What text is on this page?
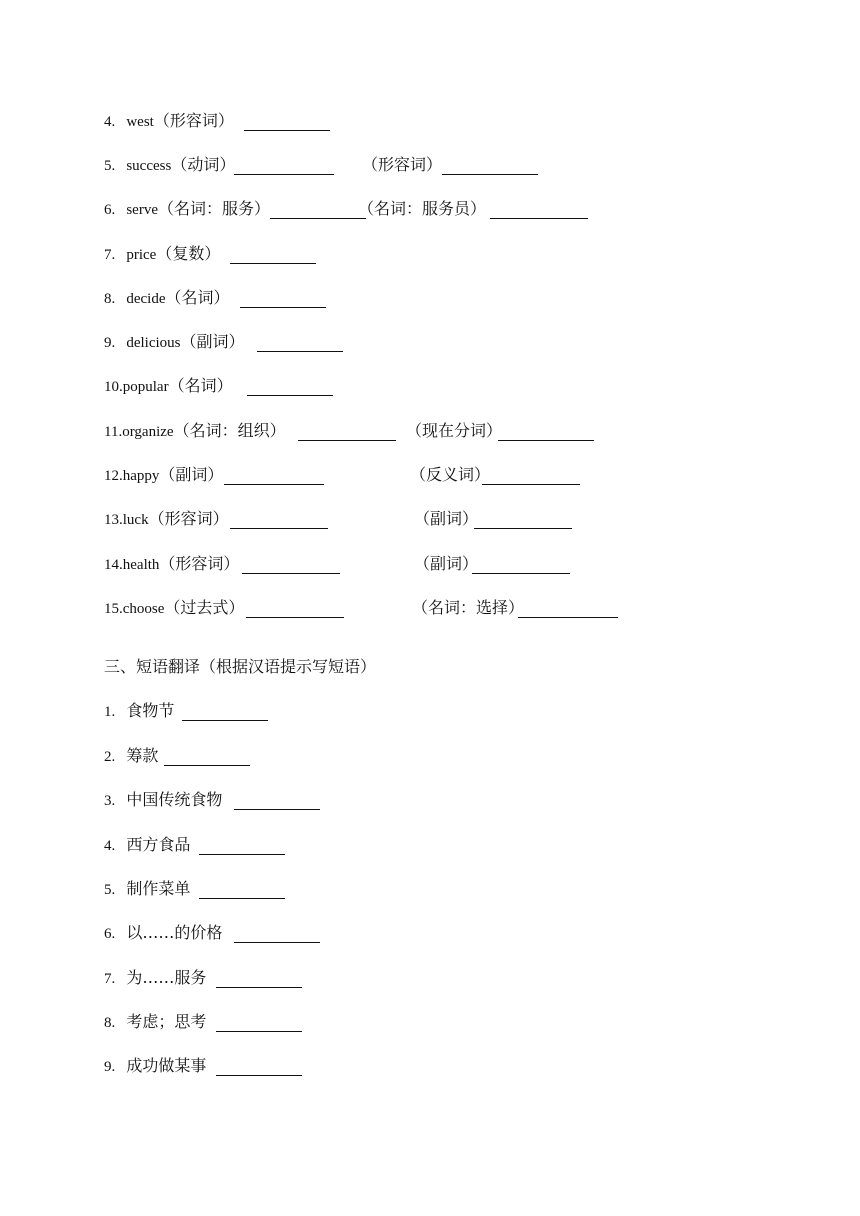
4. west（形容词）
5. success（动词）	（形容词）
6. serve（名词：服务）	（名词：服务员）
7. price（复数）
8. decide（名词）
9. delicious（副词）
10.popular（名词）
11.organize（名词：组织）	（现在分词）
12.happy（副词）	（反义词）
13.luck（形容词）	（副词）
14.health（形容词）	（副词）
15.choose（过去式）	（名词：选择）
三、短语翻译（根据汉语提示写短语）
1. 食物节
2. 筹款
3. 中国传统食物
4. 西方食品
5. 制作菜单
6. 以……的价格
7. 为……服务
8. 考虑；思考
9. 成功做某事
